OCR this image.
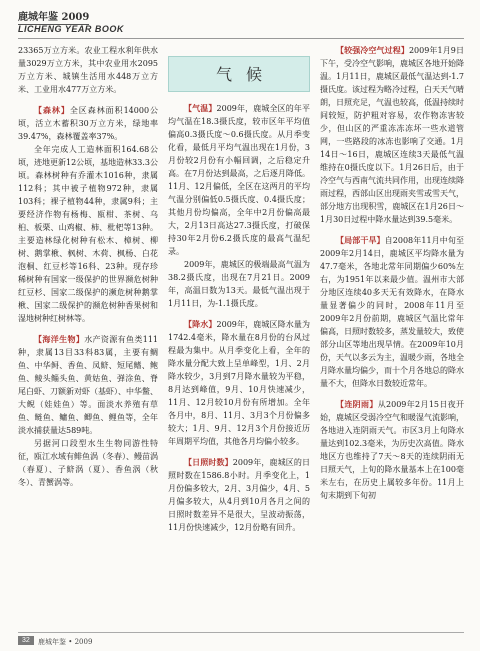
鹿城年鉴 2009
LICHENG YEAR BOOK

23365万立方米。农业工程水利年供水量3029万立方米，其中农业用水2095万立方米、城镇生活用水448万立方米、工业用水477万立方米。

【森林】全区森林面积14000公顷，活立木蓄积30万立方米，绿地率39.47%，森林覆盖率37%。

全年完成人工造林面积164.68公顷，迹地更新12公顷，基地造林33.3公顷。森林树种有乔灌木1016种，隶属112科；其中被子植物972种，隶属103科；裸子植物44种，隶属9科；主要经济作物有杨梅、瓯柑、茶树、乌桕、板栗、山鸡椒、柿、枇杷等13种。主要造林绿化树种有松木、樟树、柳树、鹅掌楸、枫树、木荷、枫杨、白花泡桐、红豆杉等16科、23种。现存珍稀树种有国家一级保护的世界濒危树种红豆杉、国家二级保护的濒危树种鹅掌楸、国家二级保护的濒危树种香果树和湿地树种红树林等。

【海洋生物】水产资源有鱼类111种，隶属13目33科83属，主要有鲷鱼、中华鲟、香鱼、凤鲚、短尾鳍、鲍鱼、鲮头鲻头鱼、黄姑鱼、弹涂鱼、脊尾白虾、刀额新对虾（基虾）、中华鳖、大鲵（娃娃鱼）等。面淡水养殖有草鱼、鲢鱼、鳙鱼、鲫鱼、鲤鱼等，全年淡水捕获量达589吨。

另据河口段型水生生物同游性特征，瓯江水域有鲱鱼涡（冬春）、鳗苗涡（春夏）、子鲚涡（夏）、香鱼涡（秋冬）、青蟹涡等。

气候

【气温】2009年，鹿城全区的年平均气温在18.3摄氏度，较市区年平均值偏高0.3摄氏度～0.6摄氏度。从月季变化看，最低月平均气温出现在1月份，3月份较2月份有小幅回调，之后稳定升高。在7月份达到最高，之后逐月降低。11月、12月偏低，全区在这两月的平均气温分别偏低0.5摄氏度、0.4摄氏度；其他月份均偏高，全年中2月份偏高最大，2月13日高达27.3摄氏度，打破保持30年2月份6.2摄氏度的最高气温纪录。

2009年，鹿城区的极端最高气温为38.2摄氏度，出现在7月21日。2009年，高温日数为13天。最低气温出现于1月11日，为-1.1摄氏度。

【降水】2009年，鹿城区降水量为1742.4毫米，降水量在8月份的台风过程最为集中。从月季变化上看，全年的降水量分配大致上呈单峰型，1月、2月降水较少，3月到7月降水量较为平稳，8月达到峰值，9月、10月快速减少，11月、12月较10月份有所增加。全年各月中，8月、11月、3月3个月份偏多较大；1月、9月、12月3个月份接近历年周期平均值，其他各月均偏小较多。

【日照时数】2009年，鹿城区的日照时数在1586.8小时。月季变化上，1月份偏多较大，2月、3月偏少，4月、5月偏多较大，从4月到10月各月之间的日照时数差异不是很大，呈波动振荡，11月份快速减少，12月份略有回升。

【较强冷空气过程】2009年1月9日下午，受冷空气影响，鹿城区各地开始降温。1月11日，鹿城区最低气温达到-1.7摄氏度。该过程为略冷过程，白天天气晴朗，日照充足，气温也较高，低温持续时间较短，防护粗对容易，农作物冻害较少，但山区的严重冻冻冻坏一些水道管网，一些路段的冰冻也影响了交通。1月14日～16日，鹿城区连续3天最低气温维持在0摄氏度以下。1月26日后，由于冷空气与西南气流共同作用，出现连续降雨过程，西部山区出现雨夹雪或雪天气，部分地方出现积雪，鹿城区在1月26日～1月30日过程中降水量达到39.5毫米。

【局部干旱】自2008年11月中旬至2009年2月14日，鹿城区平均降水量为47.7毫米，各地北常年同期偏少60%左右，为1951年以来最少值。温州市大部分地区连续40多天无有效降水，在降水量显著偏少的同时，2008年11月至2009年2月份前期，鹿城区气温比常年偏高，日照时数较多，蒸发量较大，致使部分山区等地出现旱情。在2009年10月份，天气以多云为主，温暖少雨，各地全月降水量均偏少，而十个月各地总的降水量不大，但降水日数较近常年。

【连阴雨】从2009年2月15日夜开始，鹿城区受弱冷空气和暖湿气流影响，各地进入连阴雨天气。市区3月上旬降水量达到102.3毫米，为历史次高值。降水地区方也维持了7天～8天的连续阴雨无日照天气，上旬的降水量基本上在100毫米左右，在历史上属较多年份。11月上旬末期到下旬初

32	鹿城年鉴 • 2009
